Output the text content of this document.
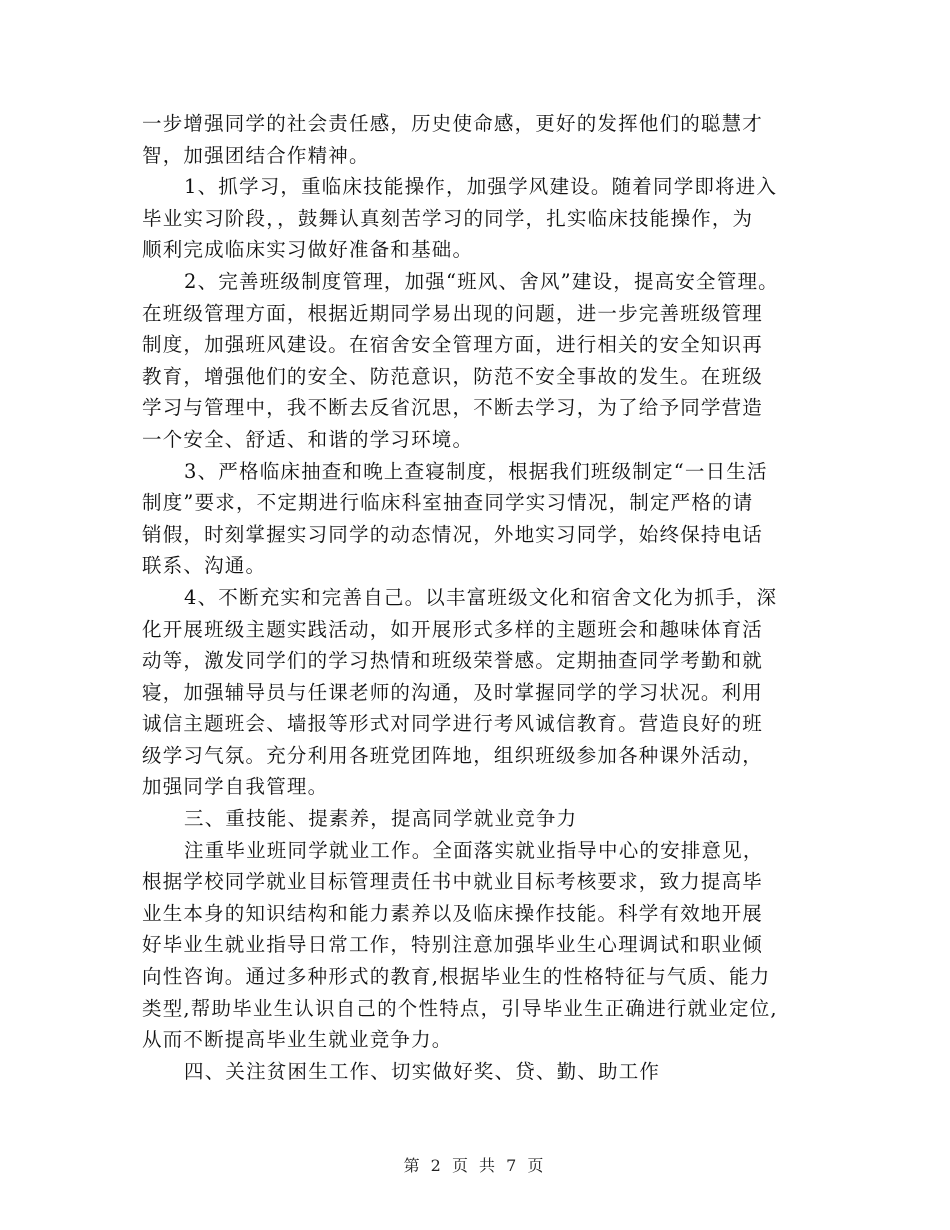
一步增强同学的社会责任感，历史使命感，更好的发挥他们的聪慧才
智，加强团结合作精神。
1、抓学习，重临床技能操作，加强学风建设。随着同学即将进入
毕业实习阶段，，鼓舞认真刻苦学习的同学，扎实临床技能操作，为
顺利完成临床实习做好准备和基础。
2、完善班级制度管理，加强“班风、舍风”建设，提高安全管理。
在班级管理方面，根据近期同学易出现的问题，进一步完善班级管理
制度，加强班风建设。在宿舍安全管理方面，进行相关的安全知识再
教育，增强他们的安全、防范意识，防范不安全事故的发生。在班级
学习与管理中，我不断去反省沉思，不断去学习，为了给予同学营造
一个安全、舒适、和谐的学习环境。
3、严格临床抽查和晚上查寝制度，根据我们班级制定“一日生活
制度”要求，不定期进行临床科室抽查同学实习情况，制定严格的请
销假，时刻掌握实习同学的动态情况，外地实习同学，始终保持电话
联系、沟通。
4、不断充实和完善自己。以丰富班级文化和宿舍文化为抓手，深
化开展班级主题实践活动，如开展形式多样的主题班会和趣味体育活
动等，激发同学们的学习热情和班级荣誉感。定期抽查同学考勤和就
寝，加强辅导员与任课老师的沟通，及时掌握同学的学习状况。利用
诚信主题班会、墙报等形式对同学进行考风诚信教育。营造良好的班
级学习气氛。充分利用各班党团阵地，组织班级参加各种课外活动，
加强同学自我管理。
三、重技能、提素养，提高同学就业竞争力
注重毕业班同学就业工作。全面落实就业指导中心的安排意见，
根据学校同学就业目标管理责任书中就业目标考核要求，致力提高毕
业生本身的知识结构和能力素养以及临床操作技能。科学有效地开展
好毕业生就业指导日常工作，特别注意加强毕业生心理调试和职业倾
向性咨询。通过多种形式的教育,根据毕业生的性格特征与气质、能力
类型,帮助毕业生认识自己的个性特点，引导毕业生正确进行就业定位,
从而不断提高毕业生就业竞争力。
四、关注贫困生工作、切实做好奖、贷、勤、助工作
第 2 页 共 7 页
